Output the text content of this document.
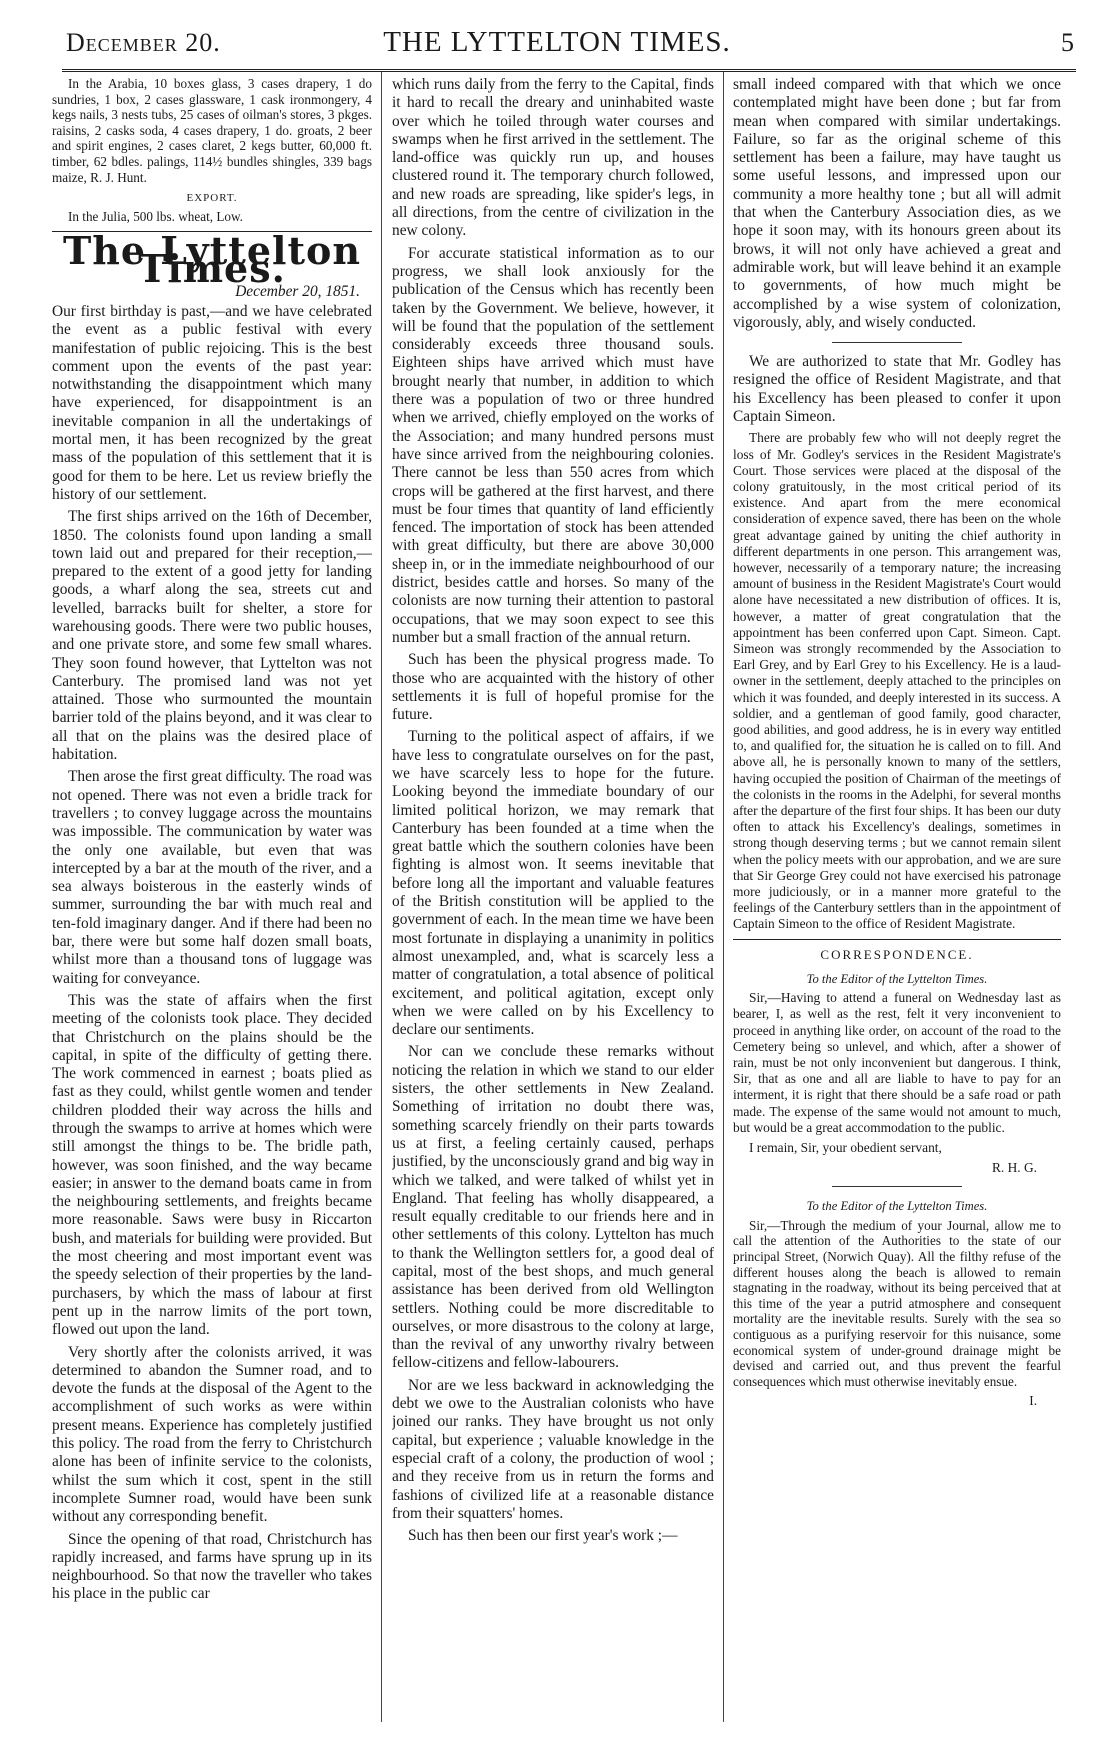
December 20.	THE LYTTELTON TIMES.	5

In the Arabia, 10 boxes glass, 3 cases drapery, 1 do sundries, 1 box, 2 cases glassware, 1 cask ironmongery, 4 kegs nails, 3 nests tubs, 25 cases of oilman's stores, 3 pkges. raisins, 2 casks soda, 4 cases drapery, 1 do. groats, 2 beer and spirit engines, 2 cases claret, 2 kegs butter, 60,000 ft. timber, 62 bdles. palings, 114½ bundles shingles, 339 bags maize, R. J. Hunt.

EXPORT.

In the Julia, 500 lbs. wheat, Low.

The Lyttelton Times.
December 20, 1851.

Our first birthday is past,—and we have celebrated the event as a public festival with every manifestation of public rejoicing. This is the best comment upon the events of the past year: notwithstanding the disappointment which many have experienced, for disappointment is an inevitable companion in all the undertakings of mortal men, it has been recognized by the great mass of the population of this settlement that it is good for them to be here. Let us review briefly the history of our settlement.

The first ships arrived on the 16th of December, 1850. The colonists found upon landing a small town laid out and prepared for their reception,—prepared to the extent of a good jetty for landing goods, a wharf along the sea, streets cut and levelled, barracks built for shelter, a store for warehousing goods. There were two public houses, and one private store, and some few small whares. They soon found however, that Lyttelton was not Canterbury. The promised land was not yet attained. Those who surmounted the mountain barrier told of the plains beyond, and it was clear to all that on the plains was the desired place of habitation.

Then arose the first great difficulty. The road was not opened. There was not even a bridle track for travellers ; to convey luggage across the mountains was impossible. The communication by water was the only one available, but even that was intercepted by a bar at the mouth of the river, and a sea always boisterous in the easterly winds of summer, surrounding the bar with much real and ten-fold imaginary danger. And if there had been no bar, there were but some half dozen small boats, whilst more than a thousand tons of luggage was waiting for conveyance.

This was the state of affairs when the first meeting of the colonists took place. They decided that Christchurch on the plains should be the capital, in spite of the difficulty of getting there. The work commenced in earnest ; boats plied as fast as they could, whilst gentle women and tender children plodded their way across the hills and through the swamps to arrive at homes which were still amongst the things to be. The bridle path, however, was soon finished, and the way became easier; in answer to the demand boats came in from the neighbouring settlements, and freights became more reasonable. Saws were busy in Riccarton bush, and materials for building were provided. But the most cheering and most important event was the speedy selection of their properties by the land-purchasers, by which the mass of labour at first pent up in the narrow limits of the port town, flowed out upon the land.

Very shortly after the colonists arrived, it was determined to abandon the Sumner road, and to devote the funds at the disposal of the Agent to the accomplishment of such works as were within present means. Experience has completely justified this policy. The road from the ferry to Christchurch alone has been of infinite service to the colonists, whilst the sum which it cost, spent in the still incomplete Sumner road, would have been sunk without any corresponding benefit.

Since the opening of that road, Christchurch has rapidly increased, and farms have sprung up in its neighbourhood. So that now the traveller who takes his place in the public car

which runs daily from the ferry to the Capital, finds it hard to recall the dreary and uninhabited waste over which he toiled through water courses and swamps when he first arrived in the settlement. The land-office was quickly run up, and houses clustered round it. The temporary church followed, and new roads are spreading, like spider's legs, in all directions, from the centre of civilization in the new colony.

For accurate statistical information as to our progress, we shall look anxiously for the publication of the Census which has recently been taken by the Government. We believe, however, it will be found that the population of the settlement considerably exceeds three thousand souls. Eighteen ships have arrived which must have brought nearly that number, in addition to which there was a population of two or three hundred when we arrived, chiefly employed on the works of the Association; and many hundred persons must have since arrived from the neighbouring colonies. There cannot be less than 550 acres from which crops will be gathered at the first harvest, and there must be four times that quantity of land efficiently fenced. The importation of stock has been attended with great difficulty, but there are above 30,000 sheep in, or in the immediate neighbourhood of our district, besides cattle and horses. So many of the colonists are now turning their attention to pastoral occupations, that we may soon expect to see this number but a small fraction of the annual return.

Such has been the physical progress made. To those who are acquainted with the history of other settlements it is full of hopeful promise for the future.

Turning to the political aspect of affairs, if we have less to congratulate ourselves on for the past, we have scarcely less to hope for the future. Looking beyond the immediate boundary of our limited political horizon, we may remark that Canterbury has been founded at a time when the great battle which the southern colonies have been fighting is almost won. It seems inevitable that before long all the important and valuable features of the British constitution will be applied to the government of each. In the mean time we have been most fortunate in displaying a unanimity in politics almost unexampled, and, what is scarcely less a matter of congratulation, a total absence of political excitement, and political agitation, except only when we were called on by his Excellency to declare our sentiments.

Nor can we conclude these remarks without noticing the relation in which we stand to our elder sisters, the other settlements in New Zealand. Something of irritation no doubt there was, something scarcely friendly on their parts towards us at first, a feeling certainly caused, perhaps justified, by the unconsciously grand and big way in which we talked, and were talked of whilst yet in England. That feeling has wholly disappeared, a result equally creditable to our friends here and in other settlements of this colony. Lyttelton has much to thank the Wellington settlers for, a good deal of capital, most of the best shops, and much general assistance has been derived from old Wellington settlers. Nothing could be more discreditable to ourselves, or more disastrous to the colony at large, than the revival of any unworthy rivalry between fellow-citizens and fellow-labourers.

Nor are we less backward in acknowledging the debt we owe to the Australian colonists who have joined our ranks. They have brought us not only capital, but experience ; valuable knowledge in the especial craft of a colony, the production of wool ; and they receive from us in return the forms and fashions of civilized life at a reasonable distance from their squatters' homes.

Such has then been our first year's work ;—

small indeed compared with that which we once contemplated might have been done ; but far from mean when compared with similar undertakings. Failure, so far as the original scheme of this settlement has been a failure, may have taught us some useful lessons, and impressed upon our community a more healthy tone ; but all will admit that when the Canterbury Association dies, as we hope it soon may, with its honours green about its brows, it will not only have achieved a great and admirable work, but will leave behind it an example to governments, of how much might be accomplished by a wise system of colonization, vigorously, ably, and wisely conducted.

We are authorized to state that Mr. Godley has resigned the office of Resident Magistrate, and that his Excellency has been pleased to confer it upon Captain Simeon.

There are probably few who will not deeply regret the loss of Mr. Godley's services in the Resident Magistrate's Court. Those services were placed at the disposal of the colony gratuitously, in the most critical period of its existence. And apart from the mere economical consideration of expence saved, there has been on the whole great advantage gained by uniting the chief authority in different departments in one person. This arrangement was, however, necessarily of a temporary nature; the increasing amount of business in the Resident Magistrate's Court would alone have necessitated a new distribution of offices. It is, however, a matter of great congratulation that the appointment has been conferred upon Capt. Simeon. Capt. Simeon was strongly recommended by the Association to Earl Grey, and by Earl Grey to his Excellency. He is a laud-owner in the settlement, deeply attached to the principles on which it was founded, and deeply interested in its success. A soldier, and a gentleman of good family, good character, good abilities, and good address, he is in every way entitled to, and qualified for, the situation he is called on to fill. And above all, he is personally known to many of the settlers, having occupied the position of Chairman of the meetings of the colonists in the rooms in the Adelphi, for several months after the departure of the first four ships. It has been our duty often to attack his Excellency's dealings, sometimes in strong though deserving terms ; but we cannot remain silent when the policy meets with our approbation, and we are sure that Sir George Grey could not have exercised his patronage more judiciously, or in a manner more grateful to the feelings of the Canterbury settlers than in the appointment of Captain Simeon to the office of Resident Magistrate.

CORRESPONDENCE.
To the Editor of the Lyttelton Times.

Sir,—Having to attend a funeral on Wednesday last as bearer, I, as well as the rest, felt it very inconvenient to proceed in anything like order, on account of the road to the Cemetery being so unlevel, and which, after a shower of rain, must be not only inconvenient but dangerous. I think, Sir, that as one and all are liable to have to pay for an interment, it is right that there should be a safe road or path made. The expense of the same would not amount to much, but would be a great accommodation to the public.

I remain, Sir, your obedient servant,

R. H. G.
To the Editor of the Lyttelton Times.

Sir,—Through the medium of your Journal, allow me to call the attention of the Authorities to the state of our principal Street, (Norwich Quay). All the filthy refuse of the different houses along the beach is allowed to remain stagnating in the roadway, without its being perceived that at this time of the year a putrid atmosphere and consequent mortality are the inevitable results. Surely with the sea so contiguous as a purifying reservoir for this nuisance, some economical system of under-ground drainage might be devised and carried out, and thus prevent the fearful consequences which must otherwise inevitably ensue.

I.
